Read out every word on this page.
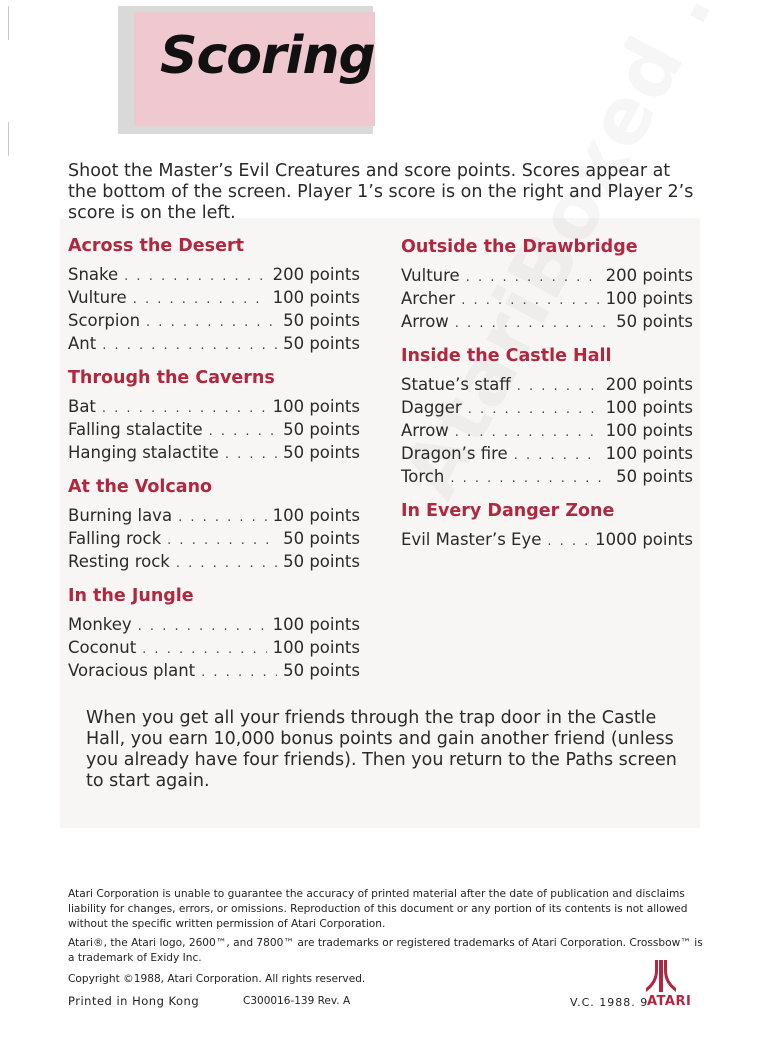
Scoring
Shoot the Master’s Evil Creatures and score points. Scores appear at the bottom of the screen. Player 1’s score is on the right and Player 2’s score is on the left.
Across the Desert
Snake . . .	200 points
Vulture . . .	100 points
Scorpion . . .	50 points
Ant . . .	50 points
Through the Caverns
Bat . . .	100 points
Falling stalactite . . .	50 points
Hanging stalactite . . .	50 points
At the Volcano
Burning lava . . .	100 points
Falling rock . . .	50 points
Resting rock . . .	50 points
In the Jungle
Monkey . . .	100 points
Coconut . . .	100 points
Voracious plant . . .	50 points
Outside the Drawbridge
Vulture . . .	200 points
Archer . . .	100 points
Arrow . . .	50 points
Inside the Castle Hall
Statue’s staff . . .	200 points
Dagger . . .	100 points
Arrow . . .	100 points
Dragon’s fire . . .	100 points
Torch . . .	50 points
In Every Danger Zone
Evil Master’s Eye . . .	1000 points
When you get all your friends through the trap door in the Castle Hall, you earn 10,000 bonus points and gain another friend (unless you already have four friends). Then you return to the Paths screen to start again.
Atari Corporation is unable to guarantee the accuracy of printed material after the date of publication and disclaims liability for changes, errors, or omissions. Reproduction of this document or any portion of its contents is not allowed without the specific written permission of Atari Corporation.
Atari®, the Atari logo, 2600™, and 7800™ are trademarks or registered trademarks of Atari Corporation. Crossbow™ is a trademark of Exidy Inc.
Copyright ©1988, Atari Corporation. All rights reserved.
Printed in Hong Kong	C300016-139 Rev. A	V.C. 1988. 9
ATARI
